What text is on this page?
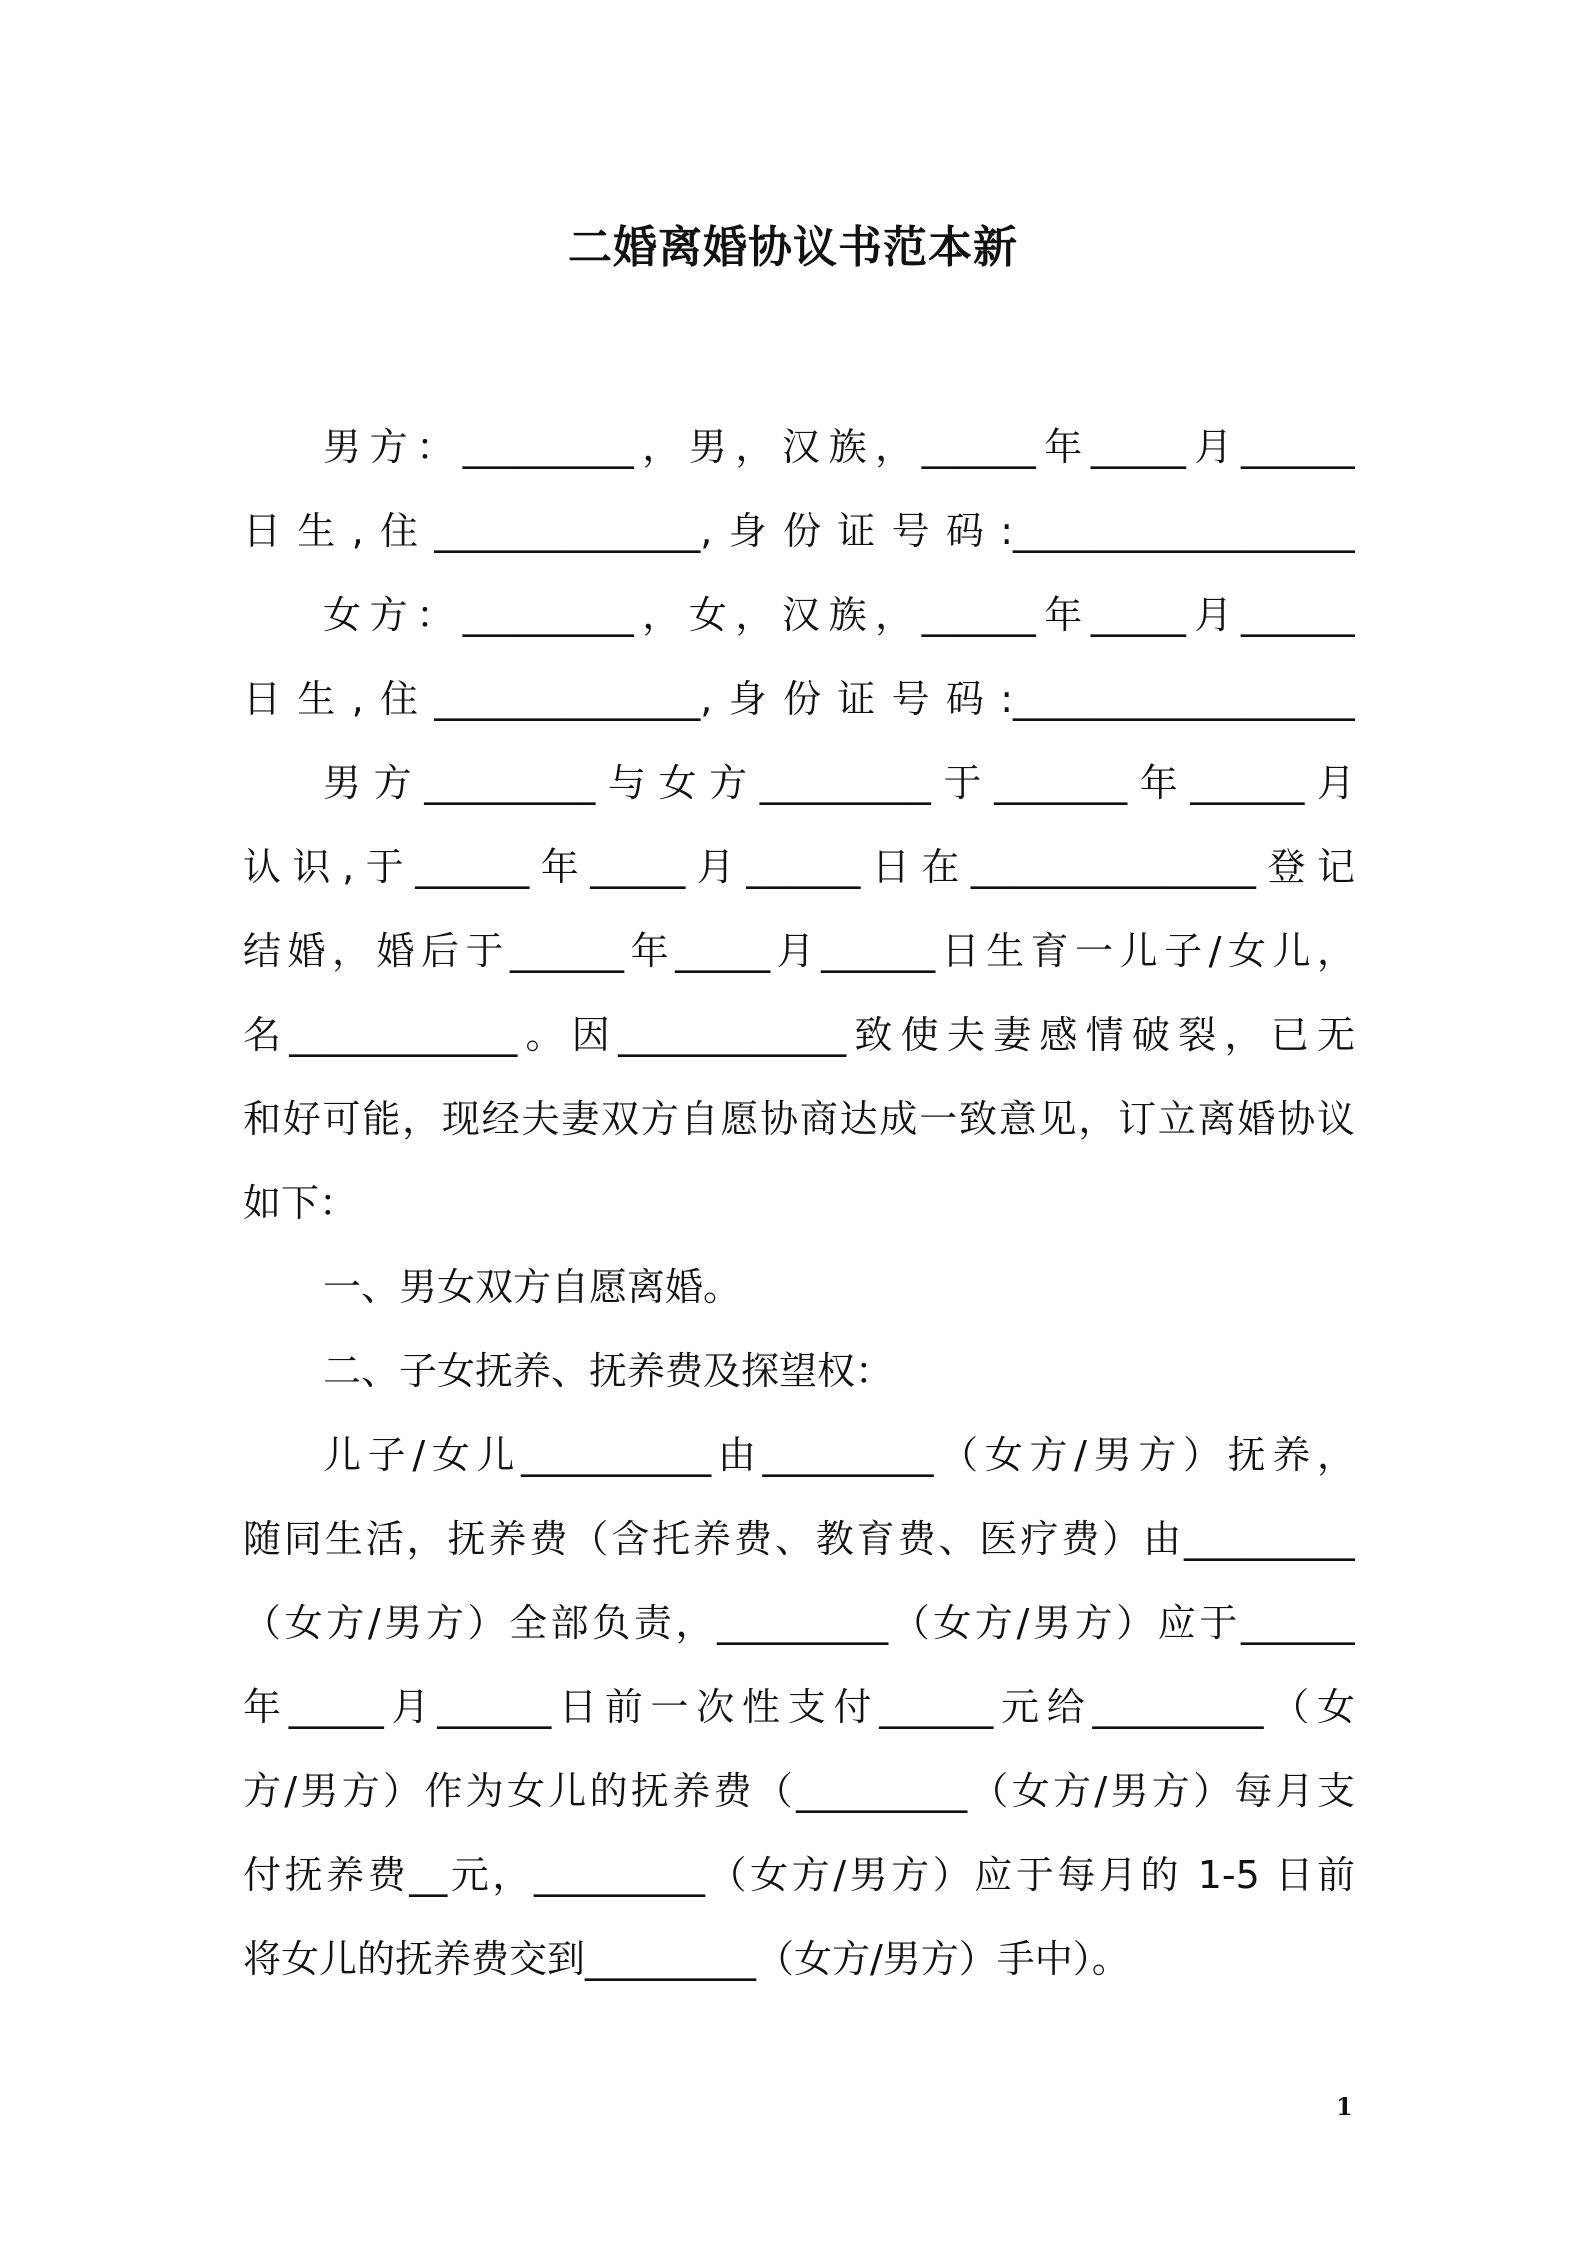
二婚离婚协议书范本新
男方：_________，男，汉族，______年_____月______
日生,住______________,身份证号码:__________________
女方：_________，女，汉族，______年_____月______
日生,住______________,身份证号码:__________________
男方_________与女方_________于_______年______月
认识,于______年_____月______日在_______________登记
结婚，婚后于______年_____月______日生育一儿子/女儿，
名____________。因____________致使夫妻感情破裂，已无
和好可能，现经夫妻双方自愿协商达成一致意见，订立离婚协议
如下：
一、男女双方自愿离婚。
二、子女抚养、抚养费及探望权：
儿子/女儿__________由_________（女方/男方）抚养，
随同生活，抚养费（含托养费、教育费、医疗费）由_________
（女方/男方）全部负责，_________（女方/男方）应于______
年_____月______日前一次性支付______元给_________（女
方/男方）作为女儿的抚养费（_________（女方/男方）每月支
付抚养费__元，_________（女方/男方）应于每月的 1-5 日前
将女儿的抚养费交到_________（女方/男方）手中）。
1
